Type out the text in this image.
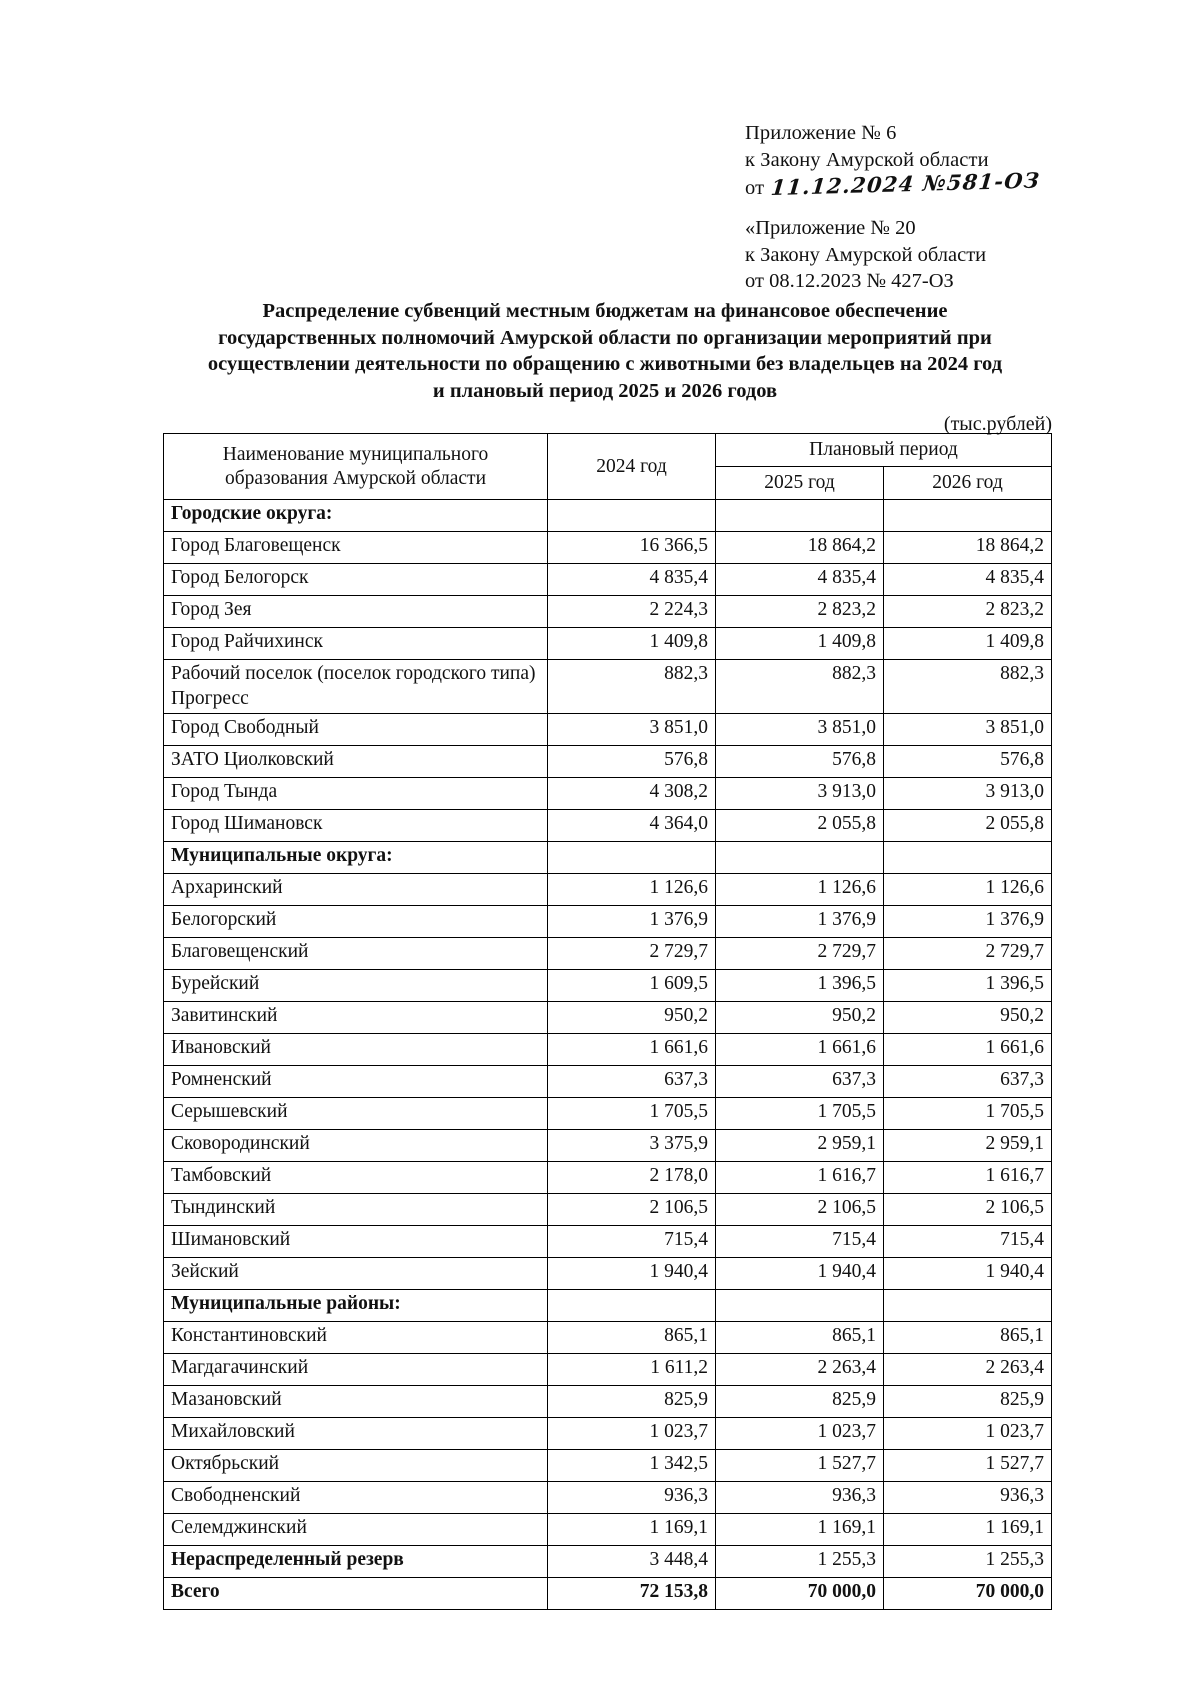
Приложение № 6
к Закону Амурской области
от 11.12.2024 №581-ОЗ
«Приложение № 20
к Закону Амурской области
от 08.12.2023 № 427-ОЗ
Распределение субвенций местным бюджетам на финансовое обеспечение
государственных полномочий Амурской области по организации мероприятий при
осуществлении деятельности по обращению с животными без владельцев на 2024 год
и плановый период 2025 и 2026 годов
(тыс.рублей)
Наименование муниципального
образования Амурской области	2024 год	Плановый период	
		2025 год	2026 год
Городские округа:			
Город Благовещенск	16 366,5	18 864,2	18 864,2
Город Белогорск	4 835,4	4 835,4	4 835,4
Город Зея	2 224,3	2 823,2	2 823,2
Город Райчихинск	1 409,8	1 409,8	1 409,8
Рабочий поселок (поселок городского типа) Прогресс	882,3	882,3	882,3
Город Свободный	3 851,0	3 851,0	3 851,0
ЗАТО Циолковский	576,8	576,8	576,8
Город Тында	4 308,2	3 913,0	3 913,0
Город Шимановск	4 364,0	2 055,8	2 055,8
Муниципальные округа:			
Архаринский	1 126,6	1 126,6	1 126,6
Белогорский	1 376,9	1 376,9	1 376,9
Благовещенский	2 729,7	2 729,7	2 729,7
Бурейский	1 609,5	1 396,5	1 396,5
Завитинский	950,2	950,2	950,2
Ивановский	1 661,6	1 661,6	1 661,6
Ромненский	637,3	637,3	637,3
Серышевский	1 705,5	1 705,5	1 705,5
Сковородинский	3 375,9	2 959,1	2 959,1
Тамбовский	2 178,0	1 616,7	1 616,7
Тындинский	2 106,5	2 106,5	2 106,5
Шимановский	715,4	715,4	715,4
Зейский	1 940,4	1 940,4	1 940,4
Муниципальные районы:			
Константиновский	865,1	865,1	865,1
Магдагачинский	1 611,2	2 263,4	2 263,4
Мазановский	825,9	825,9	825,9
Михайловский	1 023,7	1 023,7	1 023,7
Октябрьский	1 342,5	1 527,7	1 527,7
Свободненский	936,3	936,3	936,3
Селемджинский	1 169,1	1 169,1	1 169,1
Нераспределенный резерв	3 448,4	1 255,3	1 255,3
Всего	72 153,8	70 000,0	70 000,0
